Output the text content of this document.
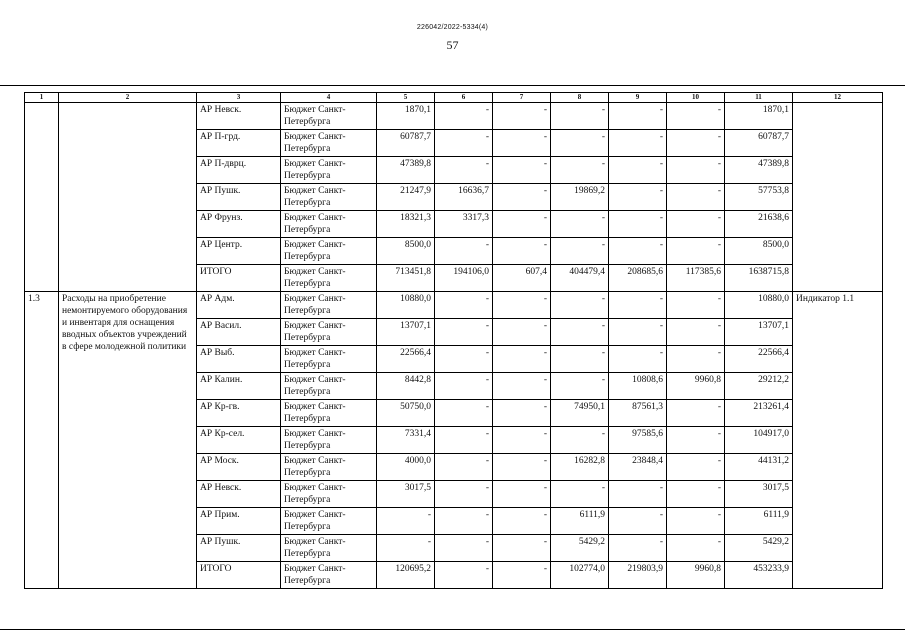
226042/2022-5334(4)
57
1	2	3	4	5	6	7	8	9	10	11	12
		АР Невск.	Бюджет Санкт-Петербурга	1870,1	-	-	-	-	-	1870,1	
		АР П-грд.	Бюджет Санкт-Петербурга	60787,7	-	-	-	-	-	60787,7	
		АР П-дврц.	Бюджет Санкт-Петербурга	47389,8	-	-	-	-	-	47389,8	
		АР Пушк.	Бюджет Санкт-Петербурга	21247,9	16636,7	-	19869,2	-	-	57753,8	
		АР Фрунз.	Бюджет Санкт-Петербурга	18321,3	3317,3	-	-	-	-	21638,6	
		АР Центр.	Бюджет Санкт-Петербурга	8500,0	-	-	-	-	-	8500,0	
		ИТОГО	Бюджет Санкт-Петербурга	713451,8	194106,0	607,4	404479,4	208685,6	117385,6	1638715,8	
1.3	Расходы на приобретение немонтируемого оборудования и инвентаря для оснащения вводных объектов учреждений в сфере молодежной политики	АР Адм.	Бюджет Санкт-Петербурга	10880,0	-	-	-	-	-	10880,0	Индикатор 1.1
		АР Васил.	Бюджет Санкт-Петербурга	13707,1	-	-	-	-	-	13707,1	
		АР Выб.	Бюджет Санкт-Петербурга	22566,4	-	-	-	-	-	22566,4	
		АР Калин.	Бюджет Санкт-Петербурга	8442,8	-	-	-	10808,6	9960,8	29212,2	
		АР Кр-гв.	Бюджет Санкт-Петербурга	50750,0	-	-	74950,1	87561,3	-	213261,4	
		АР Кр-сел.	Бюджет Санкт-Петербурга	7331,4	-	-	-	97585,6	-	104917,0	
		АР Моск.	Бюджет Санкт-Петербурга	4000,0	-	-	16282,8	23848,4	-	44131,2	
		АР Невск.	Бюджет Санкт-Петербурга	3017,5	-	-	-	-	-	3017,5	
		АР Прим.	Бюджет Санкт-Петербурга	-	-	-	6111,9	-	-	6111,9	
		АР Пушк.	Бюджет Санкт-Петербурга	-	-	-	5429,2	-	-	5429,2	
		ИТОГО	Бюджет Санкт-Петербурга	120695,2	-	-	102774,0	219803,9	9960,8	453233,9	
